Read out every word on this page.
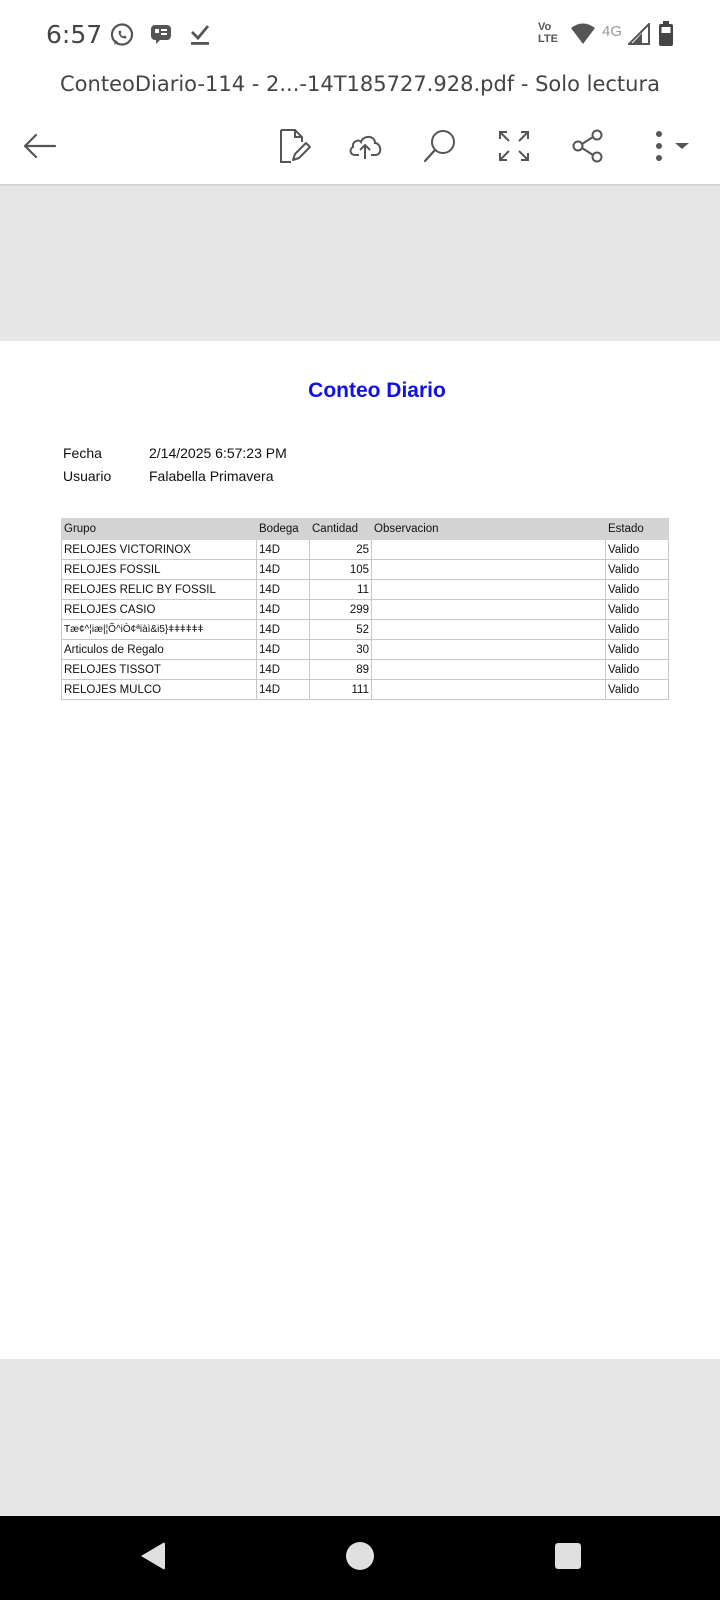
6:57	Vo
LTE	4G
ConteoDiario-114 - 2...-14T185727.928.pdf - Solo lectura
Conteo Diario
Fecha	2/14/2025 6:57:23 PM
Usuario	Falabella Primavera
Grupo	Bodega	Cantidad	Observacion	Estado
RELOJES VICTORINOX	14D	25		Valido
RELOJES FOSSIL	14D	105		Valido
RELOJES RELIC BY FOSSIL	14D	11		Valido
RELOJES CASIO	14D	299		Valido
Tæ¢^¦iæ|¦Õ^iÒ¢ªiàì&i5}ǂǂǂǂǂǂ	14D	52		Valido
Articulos de Regalo	14D	30		Valido
RELOJES TISSOT	14D	89		Valido
RELOJES MULCO	14D	111		Valido
